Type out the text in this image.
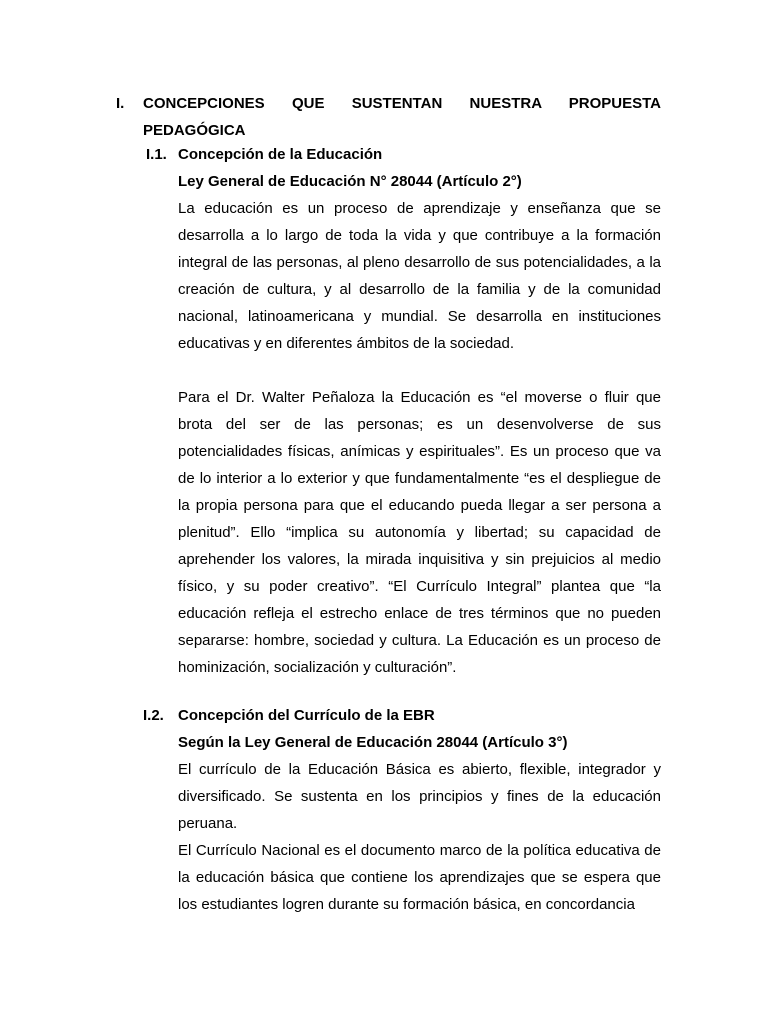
I. CONCEPCIONES QUE SUSTENTAN NUESTRA PROPUESTA
PEDAGÓGICA
I.1. Concepción de la Educación

Ley General de Educación N° 28044 (Artículo 2°)

La educación es un proceso de aprendizaje y enseñanza que se desarrolla a lo largo de toda la vida y que contribuye a la formación integral de las personas, al pleno desarrollo de sus potencialidades, a la creación de cultura, y al desarrollo de la familia y de la comunidad nacional, latinoamericana y mundial. Se desarrolla en instituciones educativas y en diferentes ámbitos de la sociedad.

Para el Dr. Walter Peñaloza la Educación es “el moverse o fluir que brota del ser de las personas; es un desenvolverse de sus potencialidades físicas, anímicas y espirituales”. Es un proceso que va de lo interior a lo exterior y que fundamentalmente “es el despliegue de la propia persona para que el educando pueda llegar a ser persona a plenitud”. Ello “implica su autonomía y libertad; su capacidad de aprehender los valores, la mirada inquisitiva y sin prejuicios al medio físico, y su poder creativo”. “El Currículo Integral” plantea que “la educación refleja el estrecho enlace de tres términos que no pueden separarse: hombre, sociedad y cultura. La Educación es un proceso de hominización, socialización y culturación”.

I.2. Concepción del Currículo de la EBR

Según la Ley General de Educación 28044 (Artículo 3°)

El currículo de la Educación Básica es abierto, flexible, integrador y diversificado. Se sustenta en los principios y fines de la educación peruana.

El Currículo Nacional es el documento marco de la política educativa de la educación básica que contiene los aprendizajes que se espera que los estudiantes logren durante su formación básica, en concordancia
